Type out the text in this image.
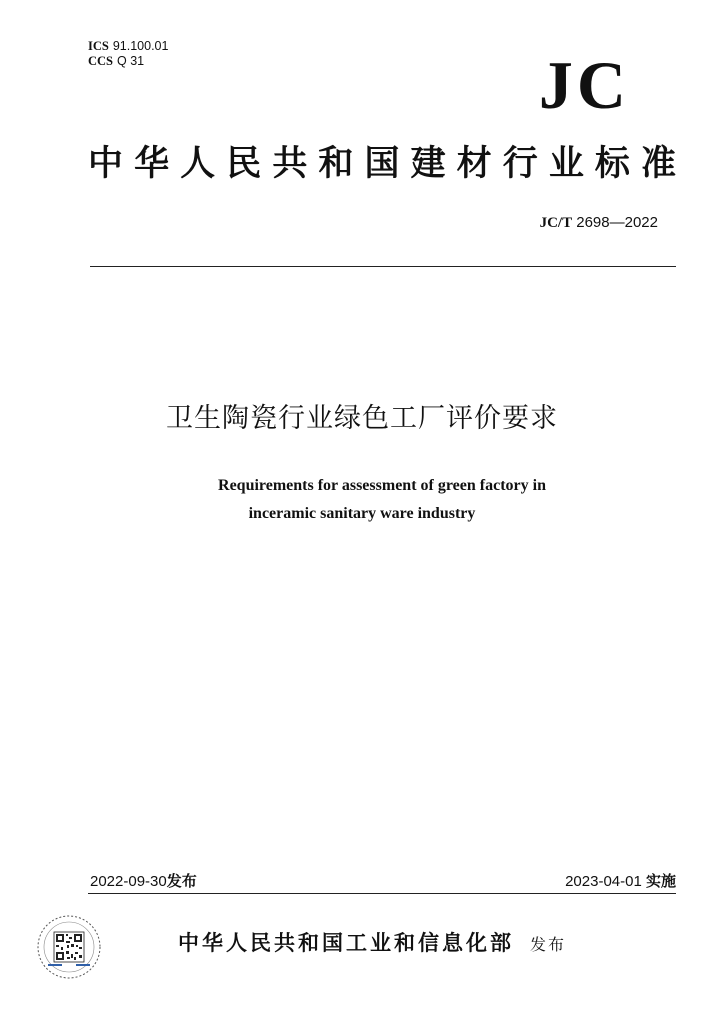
ICS 91.100.01
CCS Q 31	JC
中华人民共和国建材行业标准
JC/T 2698—2022
卫生陶瓷行业绿色工厂评价要求
Requirements for assessment of green factory in
inceramic sanitary ware industry
2022-09-30发布	2023-04-01 实施
中华人民共和国工业和信息化部 发布
